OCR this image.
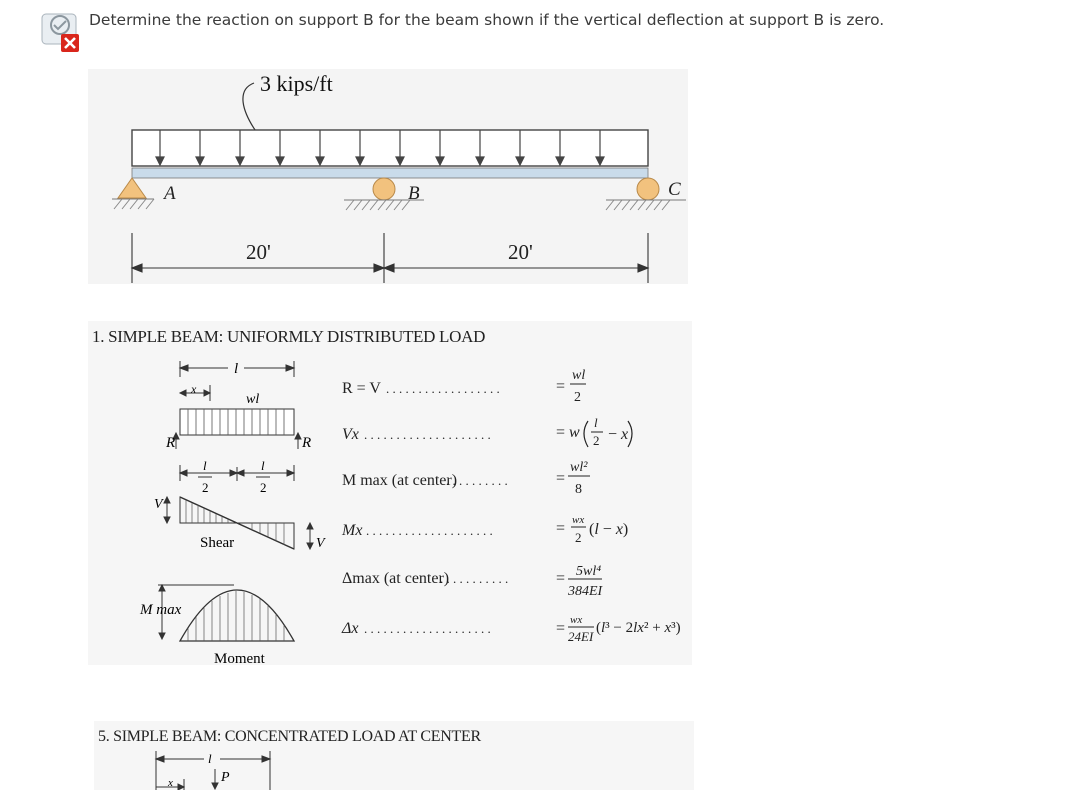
Determine the reaction on support B for the beam shown if the vertical deflection at support B is zero.
3 kips/ft
A	B	C
20'	20'
1. SIMPLE BEAM: UNIFORMLY DISTRIBUTED LOAD
l
x
wl
R	R
l
2
l
2
V
V
Shear
M max
Moment
R = V . . . . . . . . . . . . . . . . . .	=
wl
2
Vx . . . . . . . . . . . . . . . . . . . .	= w
l
2 − x
M max (at center)
. . . . . . . . . .	=
wl²
8
Mx . . . . . . . . . . . . . . . . . . . .	= wx
2 (l − x)
Δmax (at center)
. . . . . . . . . . .	= 5wl⁴
384EI
Δx . . . . . . . . . . . . . . . . . . . .	= wx
24EI
(l³ − 2lx² + x³)
5. SIMPLE BEAM: CONCENTRATED LOAD AT CENTER
l
P
x
